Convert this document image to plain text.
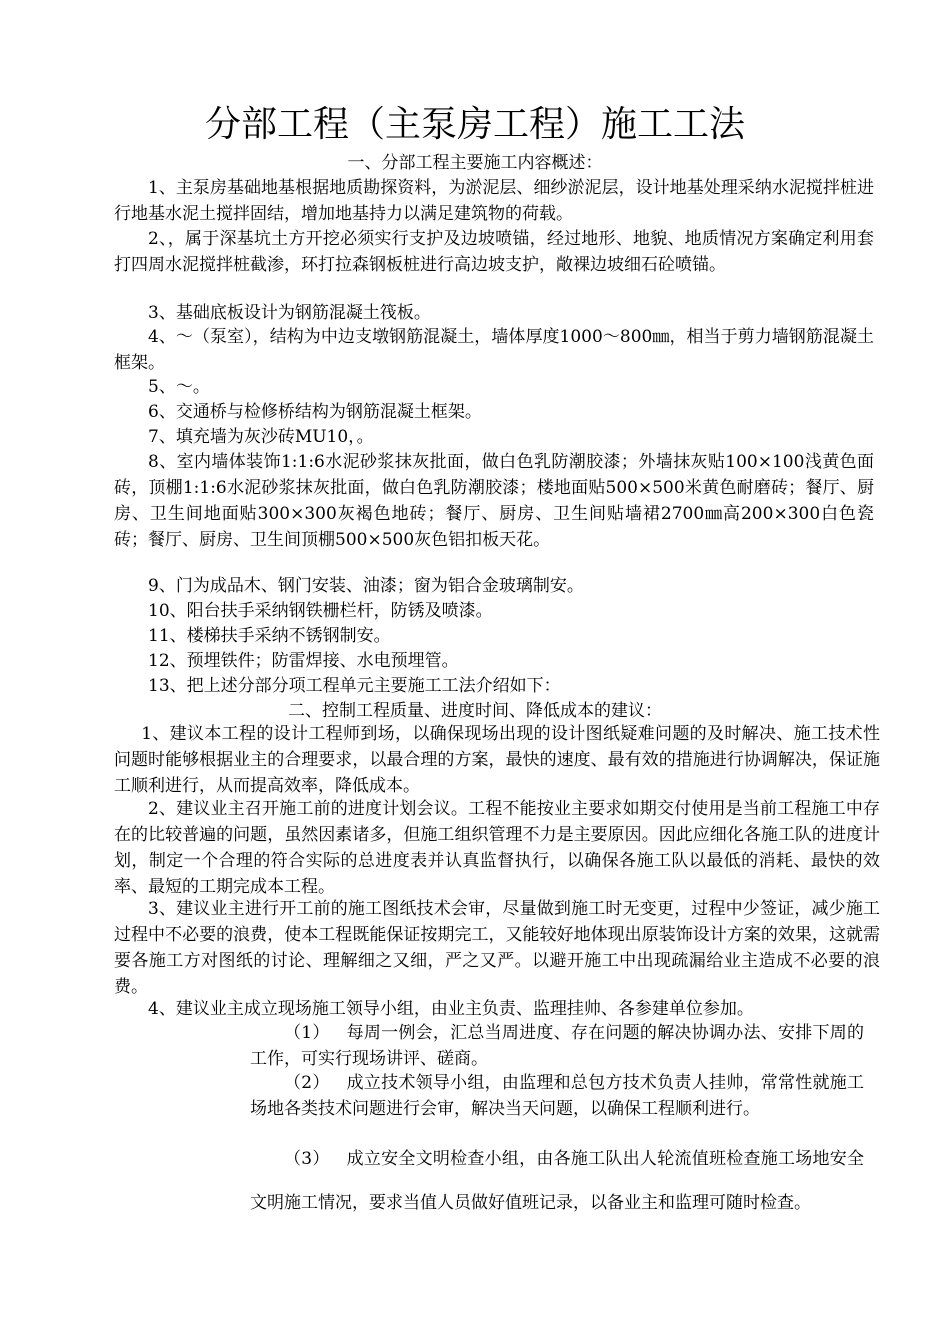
分部工程（主泵房工程）施工工法
一、分部工程主要施工内容概述：
1、主泵房基础地基根据地质勘探资料，为淤泥层、细纱淤泥层，设计地基处理采纳水泥搅拌桩进行地基水泥土搅拌固结，增加地基持力以满足建筑物的荷载。
2、，属于深基坑土方开挖必须实行支护及边坡喷锚，经过地形、地貌、地质情况方案确定利用套打四周水泥搅拌桩截渗，环打拉森钢板桩进行高边坡支护，敞裸边坡细石砼喷锚。
3、基础底板设计为钢筋混凝土筏板。
4、～（泵室），结构为中边支墩钢筋混凝土，墙体厚度1000～800㎜，相当于剪力墙钢筋混凝土框架。
5、～。
6、交通桥与检修桥结构为钢筋混凝土框架。
7、填充墙为灰沙砖MU10，。
8、室内墙体装饰1:1:6水泥砂浆抹灰批面，做白色乳防潮胶漆；外墙抹灰贴100×100浅黄色面砖，顶棚1:1:6水泥砂浆抹灰批面，做白色乳防潮胶漆；楼地面贴500×500米黄色耐磨砖；餐厅、厨房、卫生间地面贴300×300灰褐色地砖；餐厅、厨房、卫生间贴墙裙2700㎜高200×300白色瓷砖；餐厅、厨房、卫生间顶棚500×500灰色铝扣板天花。
9、门为成品木、钢门安装、油漆；窗为铝合金玻璃制安。
10、阳台扶手采纳钢铁栅栏杆，防锈及喷漆。
11、楼梯扶手采纳不锈钢制安。
12、预埋铁件；防雷焊接、水电预埋管。
13、把上述分部分项工程单元主要施工工法介绍如下：
二、控制工程质量、进度时间、降低成本的建议：
1、建议本工程的设计工程师到场，以确保现场出现的设计图纸疑难问题的及时解决、施工技术性问题时能够根据业主的合理要求，以最合理的方案，最快的速度、最有效的措施进行协调解决，保证施工顺利进行，从而提高效率，降低成本。
2、建议业主召开施工前的进度计划会议。工程不能按业主要求如期交付使用是当前工程施工中存在的比较普遍的问题，虽然因素诸多，但施工组织管理不力是主要原因。因此应细化各施工队的进度计划，制定一个合理的符合实际的总进度表并认真监督执行，以确保各施工队以最低的消耗、最快的效率、最短的工期完成本工程。
3、建议业主进行开工前的施工图纸技术会审，尽量做到施工时无变更，过程中少签证，减少施工过程中不必要的浪费，使本工程既能保证按期完工，又能较好地体现出原装饰设计方案的效果，这就需要各施工方对图纸的讨论、理解细之又细，严之又严。以避开施工中出现疏漏给业主造成不必要的浪费。
4、建议业主成立现场施工领导小组，由业主负责、监理挂帅、各参建单位参加。
（1）   每周一例会，汇总当周进度、存在问题的解决协调办法、安排下周的工作，可实行现场讲评、磋商。
（2）   成立技术领导小组，由监理和总包方技术负责人挂帅，常常性就施工场地各类技术问题进行会审，解决当天问题，以确保工程顺利进行。
（3）   成立安全文明检查小组，由各施工队出人轮流值班检查施工场地安全文明施工情况，要求当值人员做好值班记录，以备业主和监理可随时检查。
